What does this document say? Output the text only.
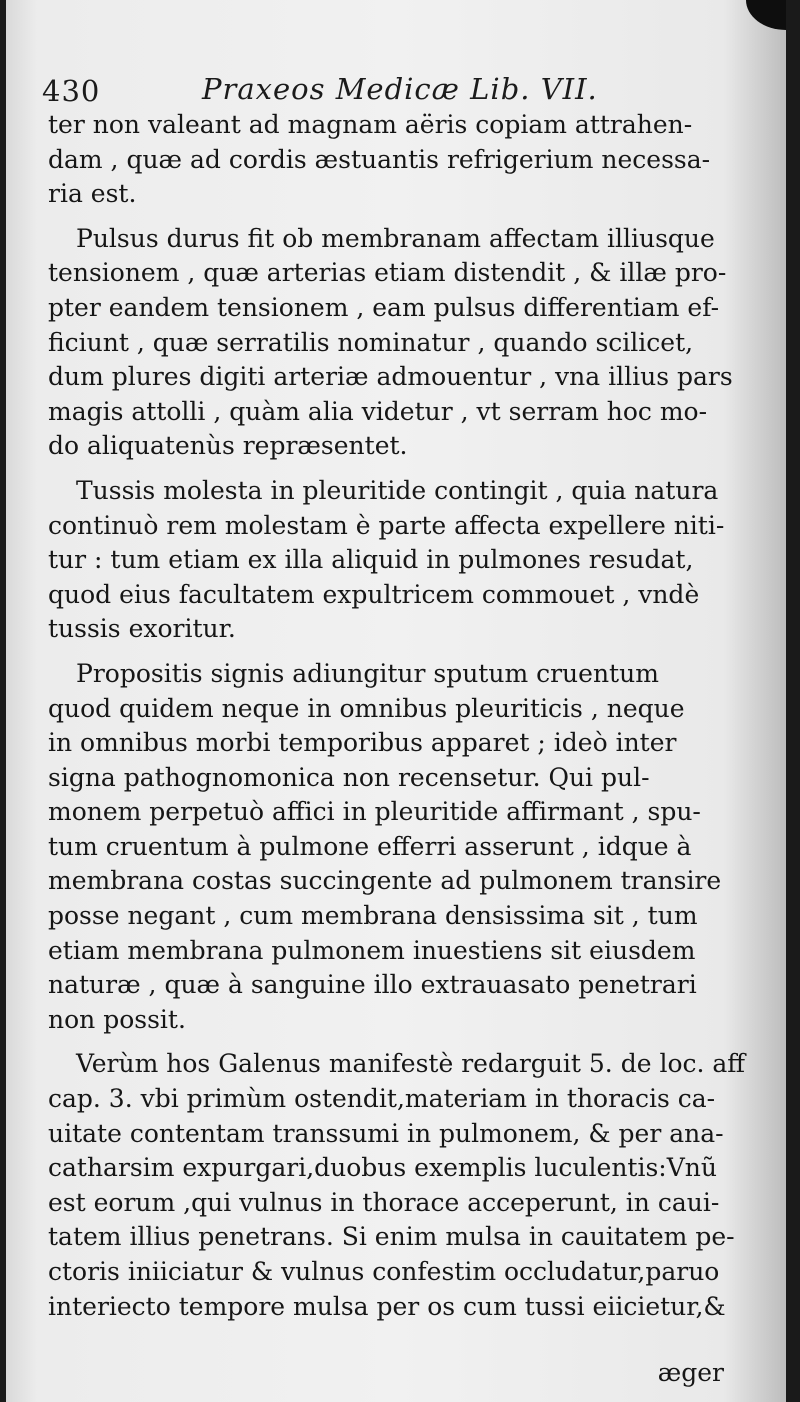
430	Praxeos Medicæ Lib. VII.
ter non valeant ad magnam aëris copiam attrahen-
dam , quæ ad cordis æstuantis refrigerium necessa-
ria est.
Pulsus durus fit ob membranam affectam illiusque
tensionem , quæ arterias etiam distendit , & illæ pro-
pter eandem tensionem , eam pulsus differentiam ef-
ficiunt , quæ serratilis nominatur , quando scilicet,
dum plures digiti arteriæ admouentur , vna illius pars
magis attolli , quàm alia videtur , vt serram hoc mo-
do aliquatenùs repræsentet.
Tussis molesta in pleuritide contingit , quia natura
continuò rem molestam è parte affecta expellere niti-
tur : tum etiam ex illa aliquid in pulmones resudat,
quod eius facultatem expultricem commouet , vndè
tussis exoritur.
Propositis signis adiungitur sputum cruentum
quod quidem neque in omnibus pleuriticis , neque
in omnibus morbi temporibus apparet ; ideò inter
signa pathognomonica non recensetur. Qui pul-
monem perpetuò affici in pleuritide affirmant , spu-
tum cruentum à pulmone efferri asserunt , idque à
membrana costas succingente ad pulmonem transire
posse negant , cum membrana densissima sit , tum
etiam membrana pulmonem inuestiens sit eiusdem
naturæ , quæ à sanguine illo extrauasato penetrari
non possit.
Verùm hos Galenus manifestè redarguit 5. de loc. aff
cap. 3. vbi primùm ostendit,materiam in thoracis ca-
uitate contentam transsumi in pulmonem, & per ana-
catharsim expurgari,duobus exemplis luculentis:Vnũ
est eorum ,qui vulnus in thorace acceperunt, in caui-
tatem illius penetrans. Si enim mulsa in cauitatem pe-
ctoris iniiciatur & vulnus confestim occludatur,paruo
interiecto tempore mulsa per os cum tussi eiicietur,&
æger
